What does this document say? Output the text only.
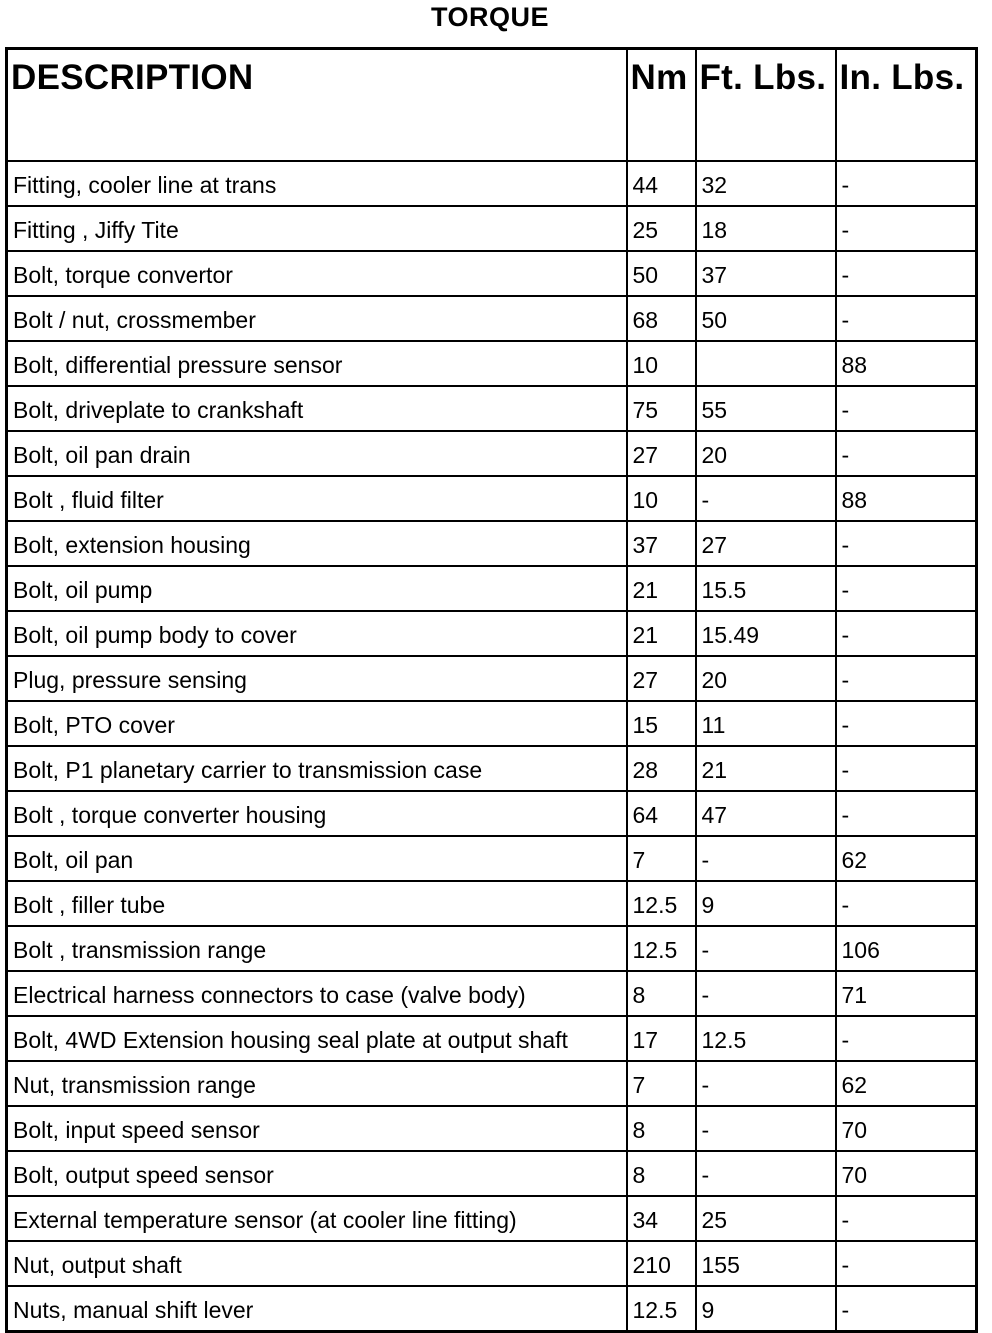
TORQUE
DESCRIPTION	Nm	Ft. Lbs.	In. Lbs.
Fitting, cooler line at trans	44	32	-
Fitting , Jiffy Tite	25	18	-
Bolt, torque convertor	50	37	-
Bolt / nut, crossmember	68	50	-
Bolt, differential pressure sensor	10		88
Bolt, driveplate to crankshaft	75	55	-
Bolt, oil pan drain	27	20	-
Bolt , fluid filter	10	-	88
Bolt, extension housing	37	27	-
Bolt, oil pump	21	15.5	-
Bolt, oil pump body to cover	21	15.49	-
Plug, pressure sensing	27	20	-
Bolt, PTO cover	15	11	-
Bolt, P1 planetary carrier to transmission case	28	21	-
Bolt , torque converter housing	64	47	-
Bolt, oil pan	7	-	62
Bolt , filler tube	12.5	9	-
Bolt , transmission range	12.5	-	106
Electrical harness connectors to case (valve body)	8	-	71
Bolt, 4WD Extension housing seal plate at output shaft	17	12.5	-
Nut, transmission range	7	-	62
Bolt, input speed sensor	8	-	70
Bolt, output speed sensor	8	-	70
External temperature sensor (at cooler line fitting)	34	25	-
Nut, output shaft	210	155	-
Nuts, manual shift lever	12.5	9	-
